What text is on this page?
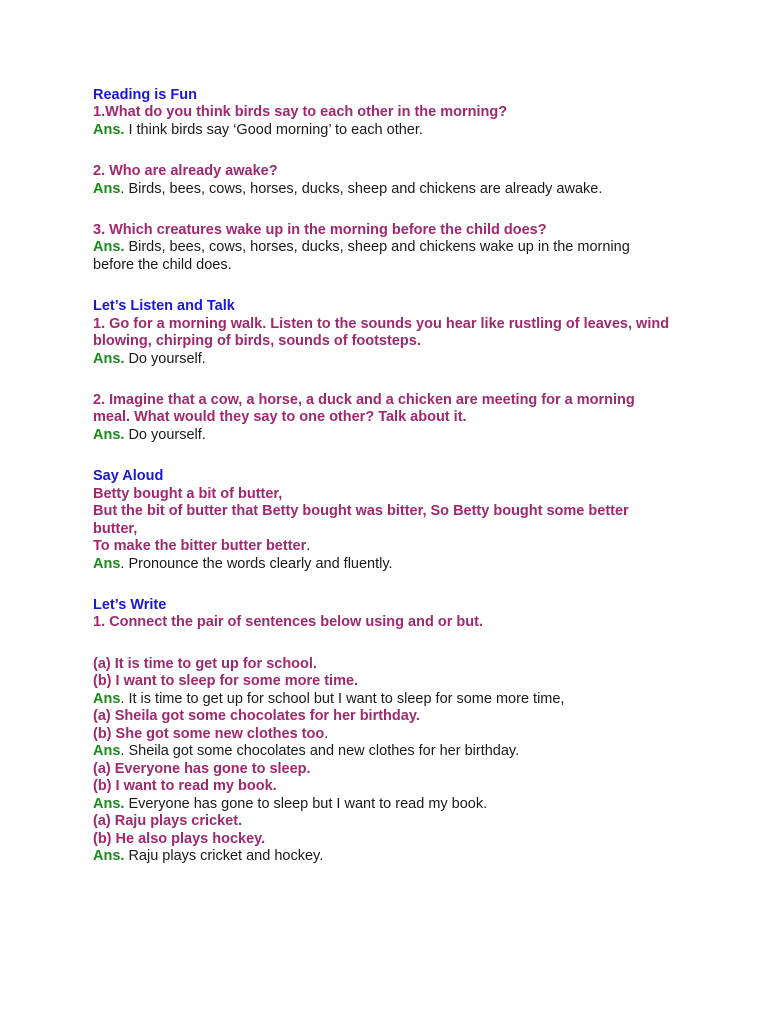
Reading is Fun
1.What do you think birds say to each other in the morning?
Ans. I think birds say ‘Good morning’ to each other.
2. Who are already awake?
Ans. Birds, bees, cows, horses, ducks, sheep and chickens are already awake.
3. Which creatures wake up in the morning before the child does?
Ans. Birds, bees, cows, horses, ducks, sheep and chickens wake up in the morning
before the child does.
Let’s Listen and Talk
1. Go for a morning walk. Listen to the sounds you hear like rustling of leaves, wind
blowing, chirping of birds, sounds of footsteps.
Ans. Do yourself.
2. Imagine that a cow, a horse, a duck and a chicken are meeting for a morning
meal. What would they say to one other? Talk about it.
Ans. Do yourself.
Say Aloud
Betty bought a bit of butter,
But the bit of butter that Betty bought was bitter, So Betty bought some better
butter,
To make the bitter butter better.
Ans. Pronounce the words clearly and fluently.
Let’s Write
1. Connect the pair of sentences below using and or but.
(a) It is time to get up for school.
(b) I want to sleep for some more time.
Ans. It is time to get up for school but I want to sleep for some more time,
(a) Sheila got some chocolates for her birthday.
(b) She got some new clothes too.
Ans. Sheila got some chocolates and new clothes for her birthday.
(a) Everyone has gone to sleep.
(b) I want to read my book.
Ans. Everyone has gone to sleep but I want to read my book.
(a) Raju plays cricket.
(b) He also plays hockey.
Ans. Raju plays cricket and hockey.
